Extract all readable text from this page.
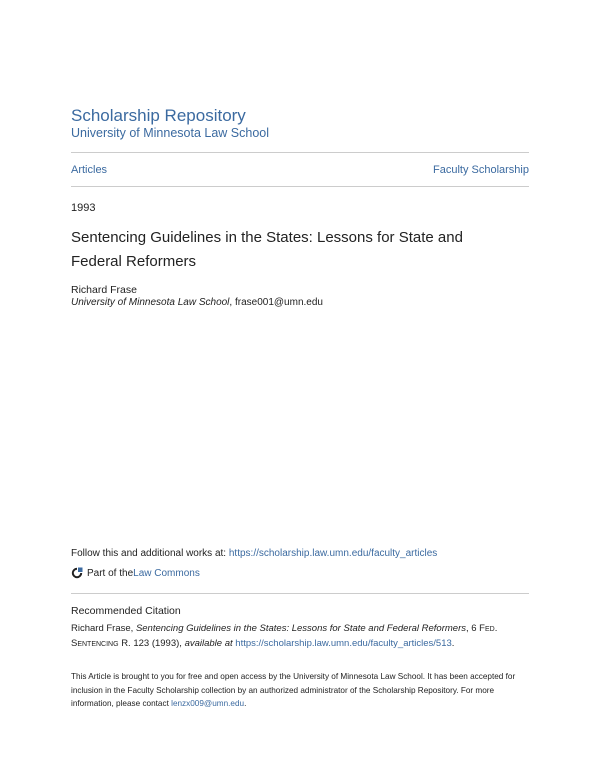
Scholarship Repository
University of Minnesota Law School
Articles	Faculty Scholarship
1993
Sentencing Guidelines in the States: Lessons for State and Federal Reformers
Richard Frase
University of Minnesota Law School, frase001@umn.edu
Follow this and additional works at: https://scholarship.law.umn.edu/faculty_articles
Part of the Law Commons
Recommended Citation
Richard Frase, Sentencing Guidelines in the States: Lessons for State and Federal Reformers, 6 Fed. Sentencing R. 123 (1993), available at https://scholarship.law.umn.edu/faculty_articles/513.
This Article is brought to you for free and open access by the University of Minnesota Law School. It has been accepted for inclusion in the Faculty Scholarship collection by an authorized administrator of the Scholarship Repository. For more information, please contact lenzx009@umn.edu.
